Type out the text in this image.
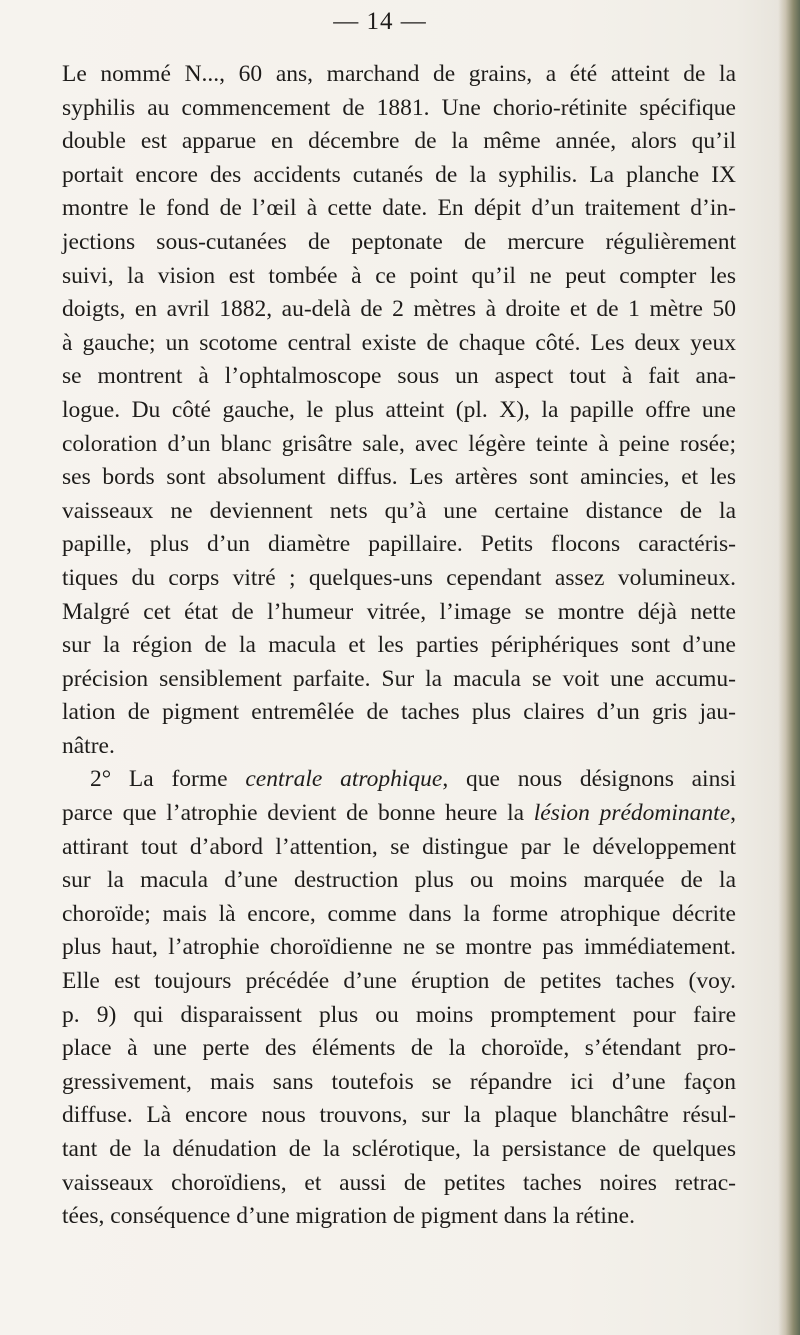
— 14 —
Le nommé N..., 60 ans, marchand de grains, a été atteint de la
syphilis au commencement de 1881. Une chorio-rétinite spécifique
double est apparue en décembre de la même année, alors qu’il
portait encore des accidents cutanés de la syphilis. La planche IX
montre le fond de l’œil à cette date. En dépit d’un traitement d’in-
jections sous-cutanées de peptonate de mercure régulièrement
suivi, la vision est tombée à ce point qu’il ne peut compter les
doigts, en avril 1882, au-delà de 2 mètres à droite et de 1 mètre 50
à gauche; un scotome central existe de chaque côté. Les deux yeux
se montrent à l’ophtalmoscope sous un aspect tout à fait ana-
logue. Du côté gauche, le plus atteint (pl. X), la papille offre une
coloration d’un blanc grisâtre sale, avec légère teinte à peine rosée;
ses bords sont absolument diffus. Les artères sont amincies, et les
vaisseaux ne deviennent nets qu’à une certaine distance de la
papille, plus d’un diamètre papillaire. Petits flocons caractéris-
tiques du corps vitré ; quelques-uns cependant assez volumineux.
Malgré cet état de l’humeur vitrée, l’image se montre déjà nette
sur la région de la macula et les parties périphériques sont d’une
précision sensiblement parfaite. Sur la macula se voit une accumu-
lation de pigment entremêlée de taches plus claires d’un gris jau-
nâtre.
2° La forme centrale atrophique, que nous désignons ainsi
parce que l’atrophie devient de bonne heure la lésion prédominante,
attirant tout d’abord l’attention, se distingue par le développement
sur la macula d’une destruction plus ou moins marquée de la
choroïde; mais là encore, comme dans la forme atrophique décrite
plus haut, l’atrophie choroïdienne ne se montre pas immédiatement.
Elle est toujours précédée d’une éruption de petites taches (voy.
p. 9) qui disparaissent plus ou moins promptement pour faire
place à une perte des éléments de la choroïde, s’étendant pro-
gressivement, mais sans toutefois se répandre ici d’une façon
diffuse. Là encore nous trouvons, sur la plaque blanchâtre résul-
tant de la dénudation de la sclérotique, la persistance de quelques
vaisseaux choroïdiens, et aussi de petites taches noires retrac-
tées, conséquence d’une migration de pigment dans la rétine.
